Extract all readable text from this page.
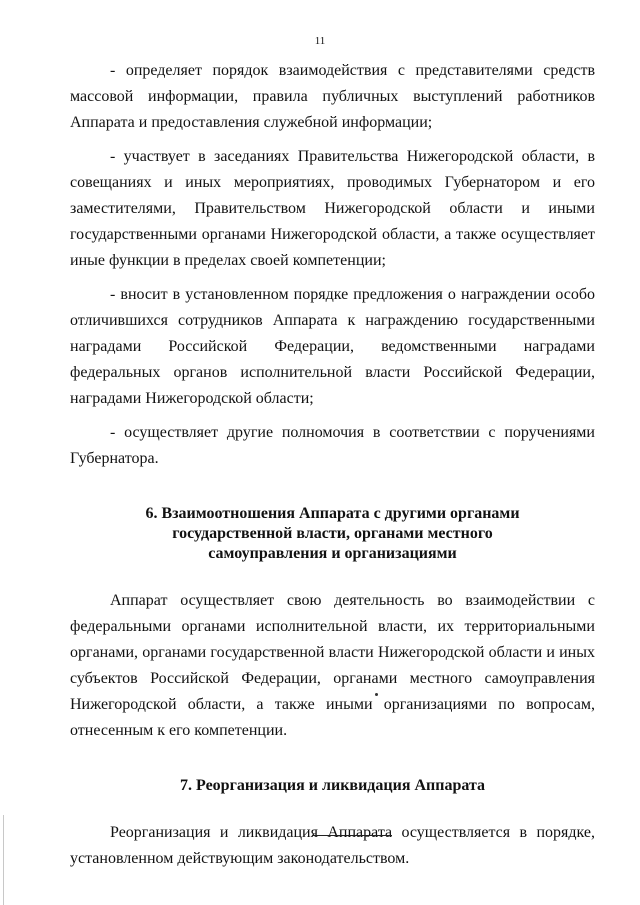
11

- определяет порядок взаимодействия с представителями средств массовой информации, правила публичных выступлений работников Аппарата и предоставления служебной информации;

- участвует в заседаниях Правительства Нижегородской области, в совещаниях и иных мероприятиях, проводимых Губернатором и его заместителями, Правительством Нижегородской области и иными государственными органами Нижегородской области, а также осуществляет иные функции в пределах своей компетенции;

- вносит в установленном порядке предложения о награждении особо отличившихся сотрудников Аппарата к награждению государственными наградами Российской Федерации, ведомственными наградами федеральных органов исполнительной власти Российской Федерации, наградами Нижегородской области;

- осуществляет другие полномочия в соответствии с поручениями Губернатора.

6. Взаимоотношения Аппарата с другими органами

государственной власти, органами местного

самоуправления и организациями

Аппарат осуществляет свою деятельность во взаимодействии с федеральными органами исполнительной власти, их территориальными органами, органами государственной власти Нижегородской области и иных субъектов Российской Федерации, органами местного самоуправления Нижегородской области, а также иными организациями по вопросам, отнесенным к его компетенции.

7. Реорганизация и ликвидация Аппарата

Реорганизация и ликвидация Аппарата осуществляется в порядке, установленном действующим законодательством.
